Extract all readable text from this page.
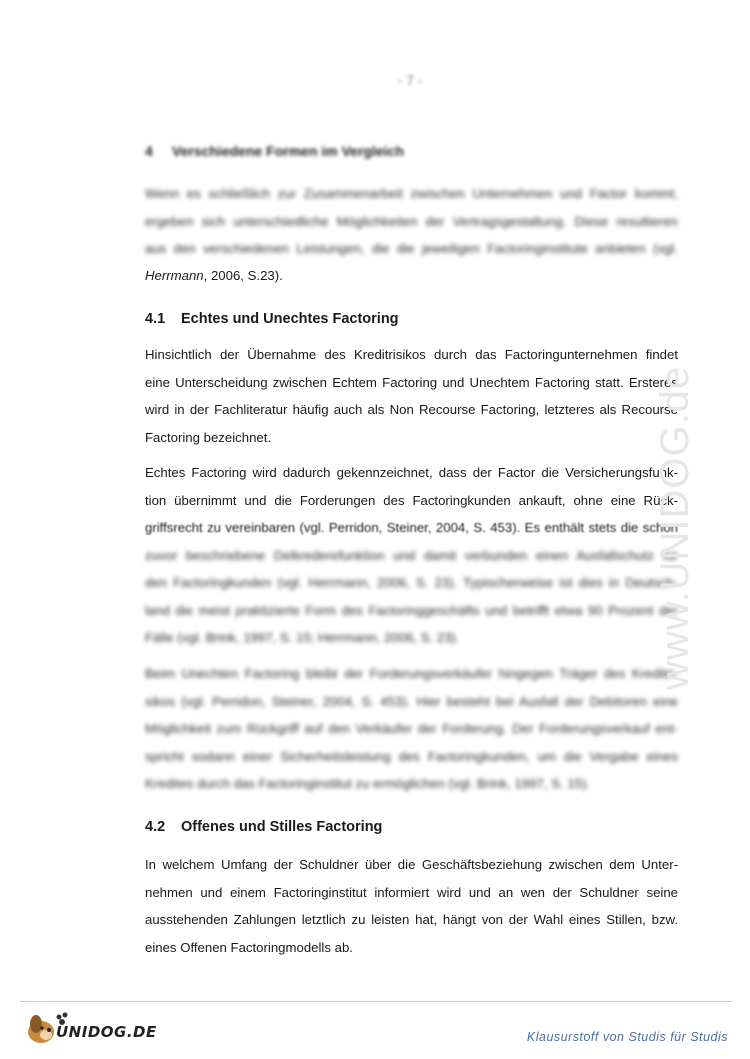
- 7 -
4 Verschiedene Formen im Vergleich
Wenn es schließlich zur Zusammenarbeit zwischen Unternehmen und Factor kommt,
ergeben sich unterschiedliche Möglichkeiten der Vertragsgestaltung. Diese resultieren
aus den verschiedenen Leistungen, die die jeweiligen Factoringinstitute anbieten (vgl.
Herrmann, 2006, S.23).
4.1 Echtes und Unechtes Factoring
Hinsichtlich der Übernahme des Kreditrisikos durch das Factoringunternehmen findet
eine Unterscheidung zwischen Echtem Factoring und Unechtem Factoring statt. Ersteres
wird in der Fachliteratur häufig auch als Non Recourse Factoring, letzteres als Recourse
Factoring bezeichnet.
Echtes Factoring wird dadurch gekennzeichnet, dass der Factor die Versicherungsfunk-
tion übernimmt und die Forderungen des Factoringkunden ankauft, ohne eine Rück-
griffsrecht zu vereinbaren (vgl. Perridon, Steiner, 2004, S. 453). Es enthält stets die schon
zuvor beschriebene Delkrederefunktion und damit verbunden einen Ausfallschutz für
den Factoringkunden (vgl. Herrmann, 2006, S. 23). Typischerweise ist dies in Deutsch-
land die meist praktizierte Form des Factoringgeschäfts und betrifft etwa 90 Prozent der
Fälle (vgl. Brink, 1997, S. 15; Herrmann, 2006, S. 23).
Beim Unechten Factoring bleibt der Forderungsverkäufer hingegen Träger des Kreditri-
sikos (vgl. Perridon, Steiner, 2004, S. 453). Hier besteht bei Ausfall der Debitoren eine
Möglichkeit zum Rückgriff auf den Verkäufer der Forderung. Der Forderungsverkauf ent-
spricht sodann einer Sicherheitsleistung des Factoringkunden, um die Vergabe eines
Kredites durch das Factoringinstitut zu ermöglichen (vgl. Brink, 1997, S. 15).
4.2 Offenes und Stilles Factoring
In welchem Umfang der Schuldner über die Geschäftsbeziehung zwischen dem Unter-
nehmen und einem Factoringinstitut informiert wird und an wen der Schuldner seine
ausstehenden Zahlungen letztlich zu leisten hat, hängt von der Wahl eines Stillen, bzw.
eines Offenen Factoringmodells ab.
www.UNIDOG.de
UNIDOG.DE	Klausurstoff von Studis für Studis
